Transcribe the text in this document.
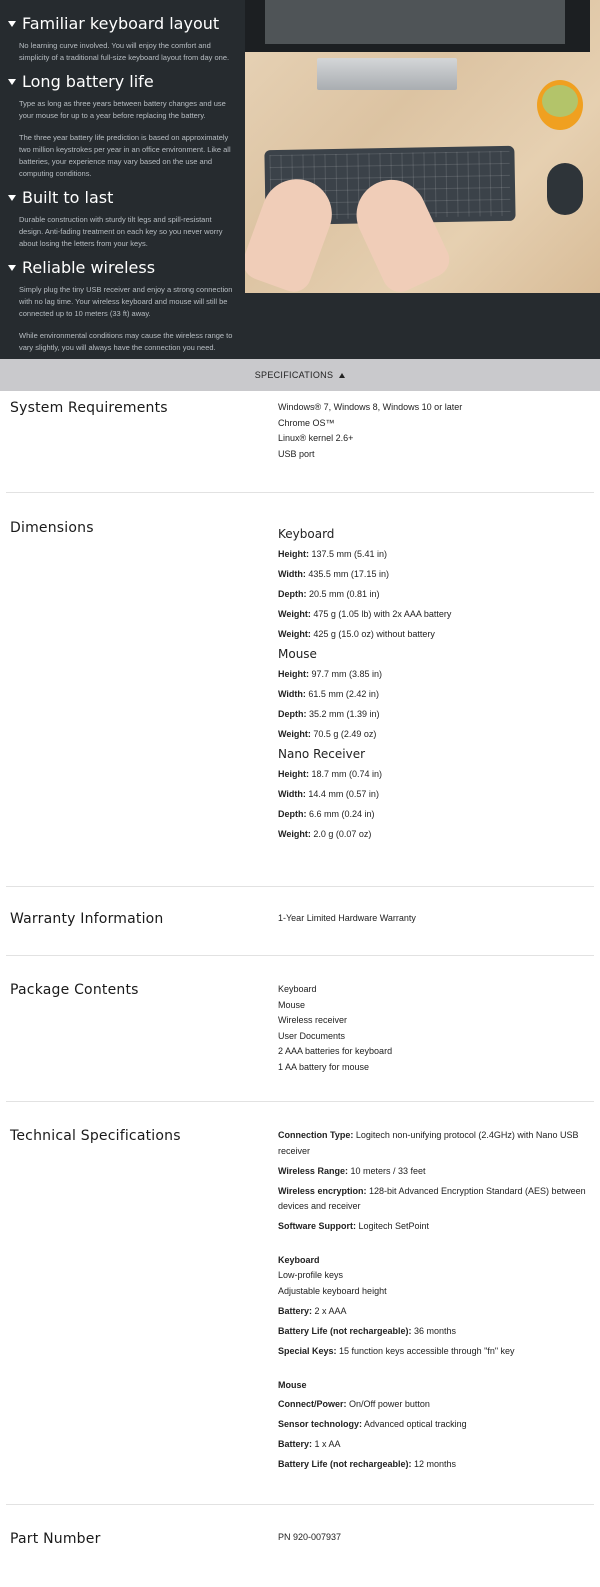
Familiar keyboard layout

No learning curve involved. You will enjoy the comfort and simplicity of a traditional full-size keyboard layout from day one.

Long battery life

Type as long as three years between battery changes and use your mouse for up to a year before replacing the battery.

The three year battery life prediction is based on approximately two million keystrokes per year in an office environment. Like all batteries, your experience may vary based on the use and computing conditions.

Built to last

Durable construction with sturdy tilt legs and spill-resistant design. Anti-fading treatment on each key so you never worry about losing the letters from your keys.

Reliable wireless

Simply plug the tiny USB receiver and enjoy a strong connection with no lag time. Your wireless keyboard and mouse will still be connected up to 10 meters (33 ft) away.

While environmental conditions may cause the wireless range to vary slightly, you will always have the connection you need.

SPECIFICATIONS
System Requirements	Windows® 7, Windows 8, Windows 10 or later
Chrome OS™
Linux® kernel 2.6+
USB port
Dimensions	Keyboard
Height: 137.5 mm (5.41 in)
Width: 435.5 mm (17.15 in)
Depth: 20.5 mm (0.81 in)
Weight: 475 g (1.05 lb) with 2x AAA battery
Weight: 425 g (15.0 oz) without battery
Mouse
Height: 97.7 mm (3.85 in)
Width: 61.5 mm (2.42 in)
Depth: 35.2 mm (1.39 in)
Weight: 70.5 g (2.49 oz)
Nano Receiver
Height: 18.7 mm (0.74 in)
Width: 14.4 mm (0.57 in)
Depth: 6.6 mm (0.24 in)
Weight: 2.0 g (0.07 oz)
Warranty Information	1-Year Limited Hardware Warranty
Package Contents	Keyboard
Mouse
Wireless receiver
User Documents
2 AAA batteries for keyboard
1 AA battery for mouse
Technical Specifications	Connection Type: Logitech non-unifying protocol (2.4GHz) with Nano USB receiver
Wireless Range: 10 meters / 33 feet
Wireless encryption: 128-bit Advanced Encryption Standard (AES) between devices and receiver
Software Support: Logitech SetPoint
Keyboard
Low-profile keys
Adjustable keyboard height
Battery: 2 x AAA
Battery Life (not rechargeable): 36 months
Special Keys: 15 function keys accessible through "fn" key
Mouse
Connect/Power: On/Off power button
Sensor technology: Advanced optical tracking
Battery: 1 x AA
Battery Life (not rechargeable): 12 months
Part Number	PN 920-007937
